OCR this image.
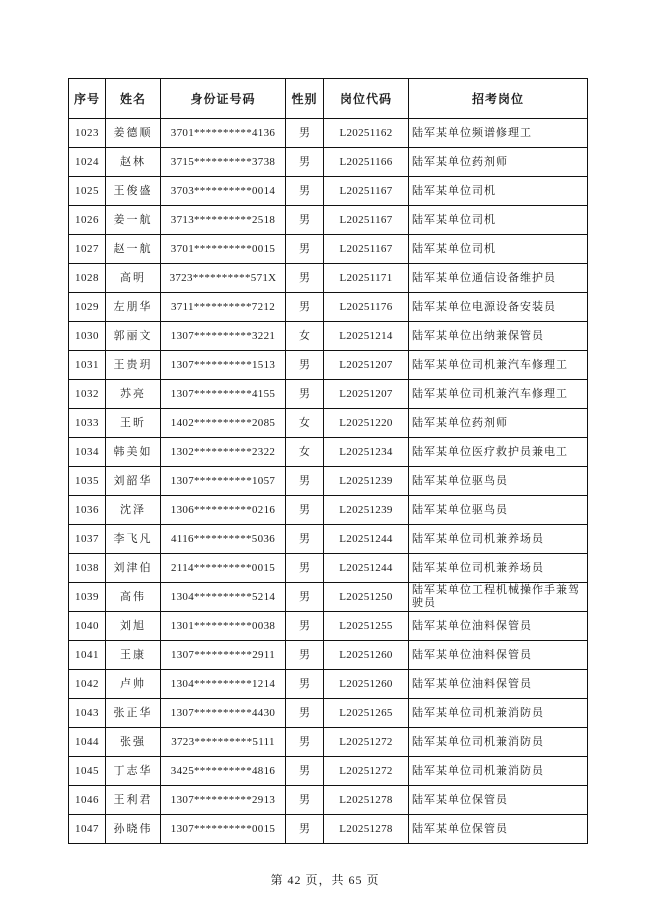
序号	姓名	身份证号码	性别	岗位代码	招考岗位
1023	姜德顺	3701**********4136	男	L20251162	陆军某单位频谱修理工
1024	赵林	3715**********3738	男	L20251166	陆军某单位药剂师
1025	王俊盛	3703**********0014	男	L20251167	陆军某单位司机
1026	姜一航	3713**********2518	男	L20251167	陆军某单位司机
1027	赵一航	3701**********0015	男	L20251167	陆军某单位司机
1028	高明	3723**********571X	男	L20251171	陆军某单位通信设备维护员
1029	左朋华	3711**********7212	男	L20251176	陆军某单位电源设备安装员
1030	郭丽文	1307**********3221	女	L20251214	陆军某单位出纳兼保管员
1031	王贵玥	1307**********1513	男	L20251207	陆军某单位司机兼汽车修理工
1032	苏亮	1307**********4155	男	L20251207	陆军某单位司机兼汽车修理工
1033	王昕	1402**********2085	女	L20251220	陆军某单位药剂师
1034	韩美如	1302**********2322	女	L20251234	陆军某单位医疗救护员兼电工
1035	刘韶华	1307**********1057	男	L20251239	陆军某单位驱鸟员
1036	沈泽	1306**********0216	男	L20251239	陆军某单位驱鸟员
1037	李飞凡	4116**********5036	男	L20251244	陆军某单位司机兼养场员
1038	刘津伯	2114**********0015	男	L20251244	陆军某单位司机兼养场员
1039	高伟	1304**********5214	男	L20251250	陆军某单位工程机械操作手兼驾驶员
1040	刘旭	1301**********0038	男	L20251255	陆军某单位油料保管员
1041	王康	1307**********2911	男	L20251260	陆军某单位油料保管员
1042	卢帅	1304**********1214	男	L20251260	陆军某单位油料保管员
1043	张正华	1307**********4430	男	L20251265	陆军某单位司机兼消防员
1044	张强	3723**********5111	男	L20251272	陆军某单位司机兼消防员
1045	丁志华	3425**********4816	男	L20251272	陆军某单位司机兼消防员
1046	王利君	1307**********2913	男	L20251278	陆军某单位保管员
1047	孙晓伟	1307**********0015	男	L20251278	陆军某单位保管员
第 42 页，共 65 页
